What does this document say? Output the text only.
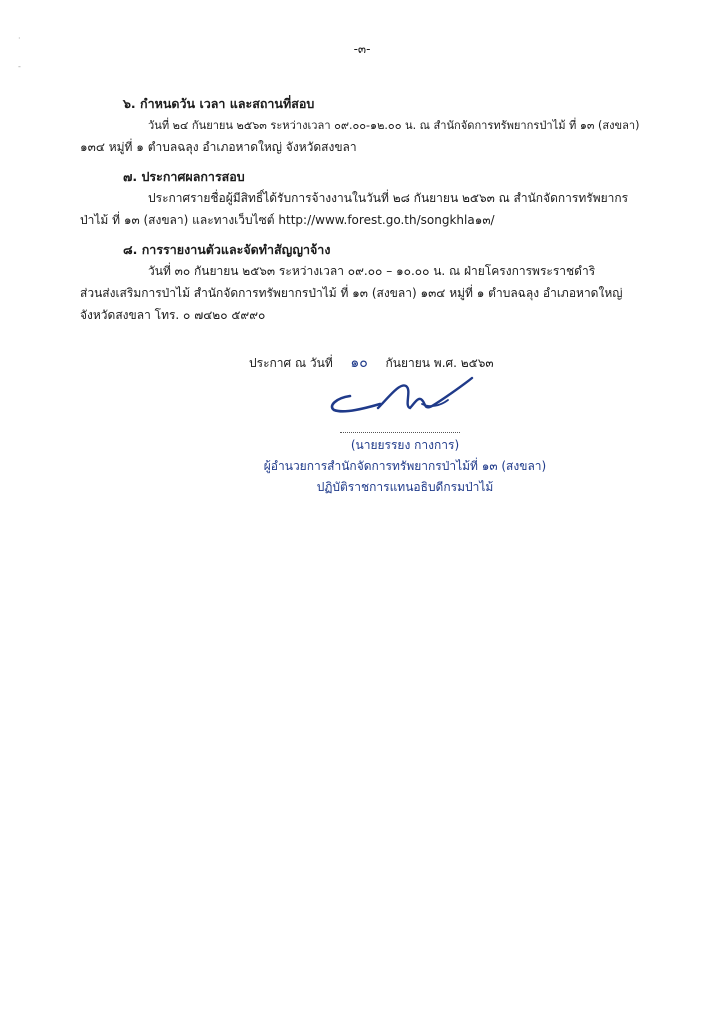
·

-
-๓-
๖. กำหนดวัน เวลา และสถานที่สอบ
วันที่ ๒๔ กันยายน ๒๕๖๓ ระหว่างเวลา ๐๙.๐๐-๑๒.๐๐ น. ณ สำนักจัดการทรัพยากรป่าไม้ ที่ ๑๓ (สงขลา)
๑๓๔ หมู่ที่ ๑ ตำบลฉลุง อำเภอหาดใหญ่ จังหวัดสงขลา
๗. ประกาศผลการสอบ
ประกาศรายชื่อผู้มีสิทธิ์ได้รับการจ้างงานในวันที่ ๒๘ กันยายน ๒๕๖๓ ณ สำนักจัดการทรัพยากร
ป่าไม้ ที่ ๑๓ (สงขลา) และทางเว็บไซต์ http://www.forest.go.th/songkhla๑๓/
๘. การรายงานตัวและจัดทำสัญญาจ้าง
วันที่ ๓๐ กันยายน ๒๕๖๓ ระหว่างเวลา ๐๙.๐๐ – ๑๐.๐๐ น. ณ ฝ่ายโครงการพระราชดำริ
ส่วนส่งเสริมการป่าไม้ สำนักจัดการทรัพยากรป่าไม้ ที่ ๑๓ (สงขลา) ๑๓๔ หมู่ที่ ๑ ตำบลฉลุง อำเภอหาดใหญ่
จังหวัดสงขลา โทร. ๐ ๗๔๒๐ ๕๙๙๐
ประกาศ ณ วันที่ ๑๐ กันยายน พ.ศ. ๒๕๖๓
(นายยรรยง กางการ)
ผู้อำนวยการสำนักจัดการทรัพยากรป่าไม้ที่ ๑๓ (สงขลา)
ปฏิบัติราชการแทนอธิบดีกรมป่าไม้
